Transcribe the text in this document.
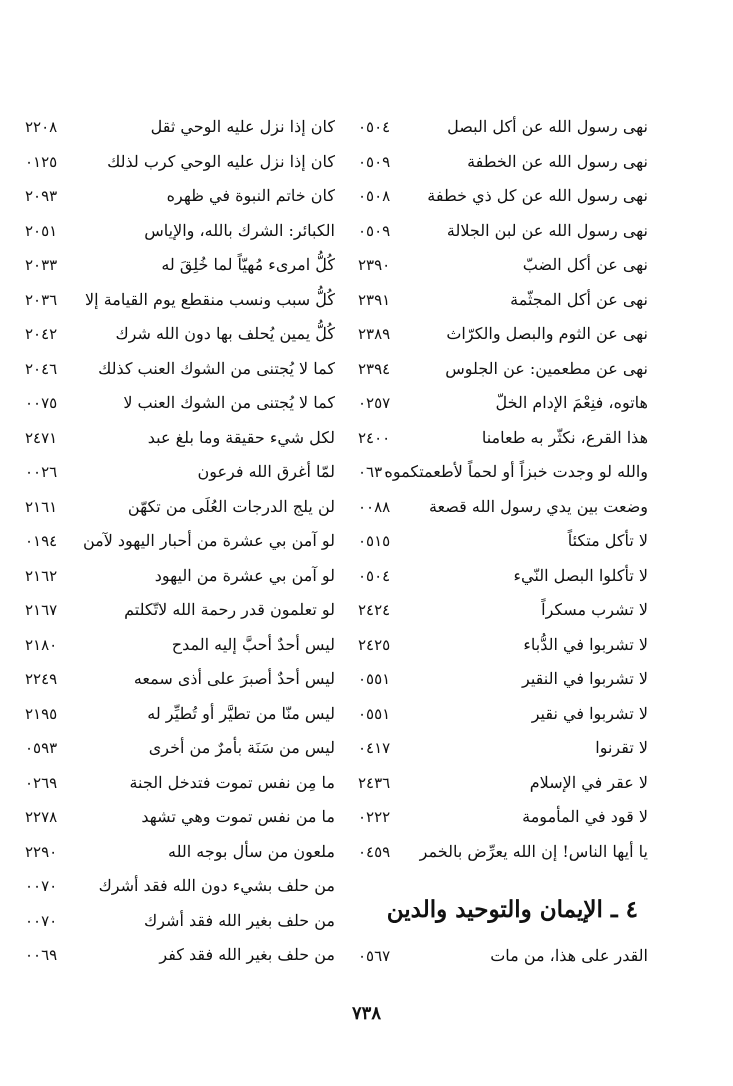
نهى رسول الله عن أكل البصل
٠٥٠٤
نهى رسول الله عن الخطفة
٠٥٠٩
نهى رسول الله عن كل ذي خطفة
٠٥٠٨
نهى رسول الله عن لبن الجلالة
٠٥٠٩
نهى عن أكل الضبّ
٢٣٩٠
نهى عن أكل المجثّمة
٢٣٩١
نهى عن الثوم والبصل والكرّاث
٢٣٨٩
نهى عن مطعمين: عن الجلوس
٢٣٩٤
هاتوه، فنِعْمَ الإدام الخلّ
٠٢٥٧
هذا القرع، نكثّر به طعامنا
٢٤٠٠
والله لو وجدت خبزاً أو لحماً لأطعمتكموه
٠٦٣٠
وضعت بين يدي رسول الله قصعة
٠٠٨٨
لا تأكل متكئاً
٠٥١٥
لا تأكلوا البصل النّيء
٠٥٠٤
لا تشرب مسكراً
٢٤٢٤
لا تشربوا في الدُّباء
٢٤٢٥
لا تشربوا في النقير
٠٥٥١
لا تشربوا في نقير
٠٥٥١
لا تقرنوا
٠٤١٧
لا عقر في الإسلام
٢٤٣٦
لا قود في المأمومة
٠٢٢٢
يا أيها الناس! إن الله يعرِّض بالخمر
٠٤٥٩
٤ ـ الإيمان والتوحيد والدين
القدر على هذا، من مات
٠٥٦٧
كان إذا نزل عليه الوحي ثقل
٢٢٠٨
كان إذا نزل عليه الوحي كرب لذلك
٠١٢٥
كان خاتم النبوة في ظهره
٢٠٩٣
الكبائر: الشرك بالله، والإياس
٢٠٥١
كُلُّ امرىء مُهيّاً لما خُلِقَ له
٢٠٣٣
كُلُّ سبب ونسب منقطع يوم القيامة إلا
٢٠٣٦
كُلُّ يمين يُحلف بها دون الله شرك
٢٠٤٢
كما لا يُجتنى من الشوك العنب كذلك
٢٠٤٦
كما لا يُجتنى من الشوك العنب لا
٠٠٧٥
لكل شيء حقيقة وما بلغ عبد
٢٤٧١
لمّا أغرق الله فرعون
٠٠٢٦
لن يلج الدرجات العُلَى من تكهّن
٢١٦١
لو آمن بي عشرة من أحبار اليهود لآمن
٠١٩٤
لو آمن بي عشرة من اليهود
٢١٦٢
لو تعلمون قدر رحمة الله لاتّكلتم
٢١٦٧
ليس أحدٌ أحبَّ إليه المدح
٢١٨٠
ليس أحدٌ أصبرَ على أذى سمعه
٢٢٤٩
ليس منّا من تطيَّر أو تُطيِّر له
٢١٩٥
ليس من سَنَة بأمرٌ من أخرى
٠٥٩٣
ما مِن نفس تموت فتدخل الجنة
٠٢٦٩
ما من نفس تموت وهي تشهد
٢٢٧٨
ملعون من سأل بوجه الله
٢٢٩٠
من حلف بشيء دون الله فقد أشرك
٠٠٧٠
من حلف بغير الله فقد أشرك
٠٠٧٠
من حلف بغير الله فقد كفر
٠٠٦٩
٧٣٨
